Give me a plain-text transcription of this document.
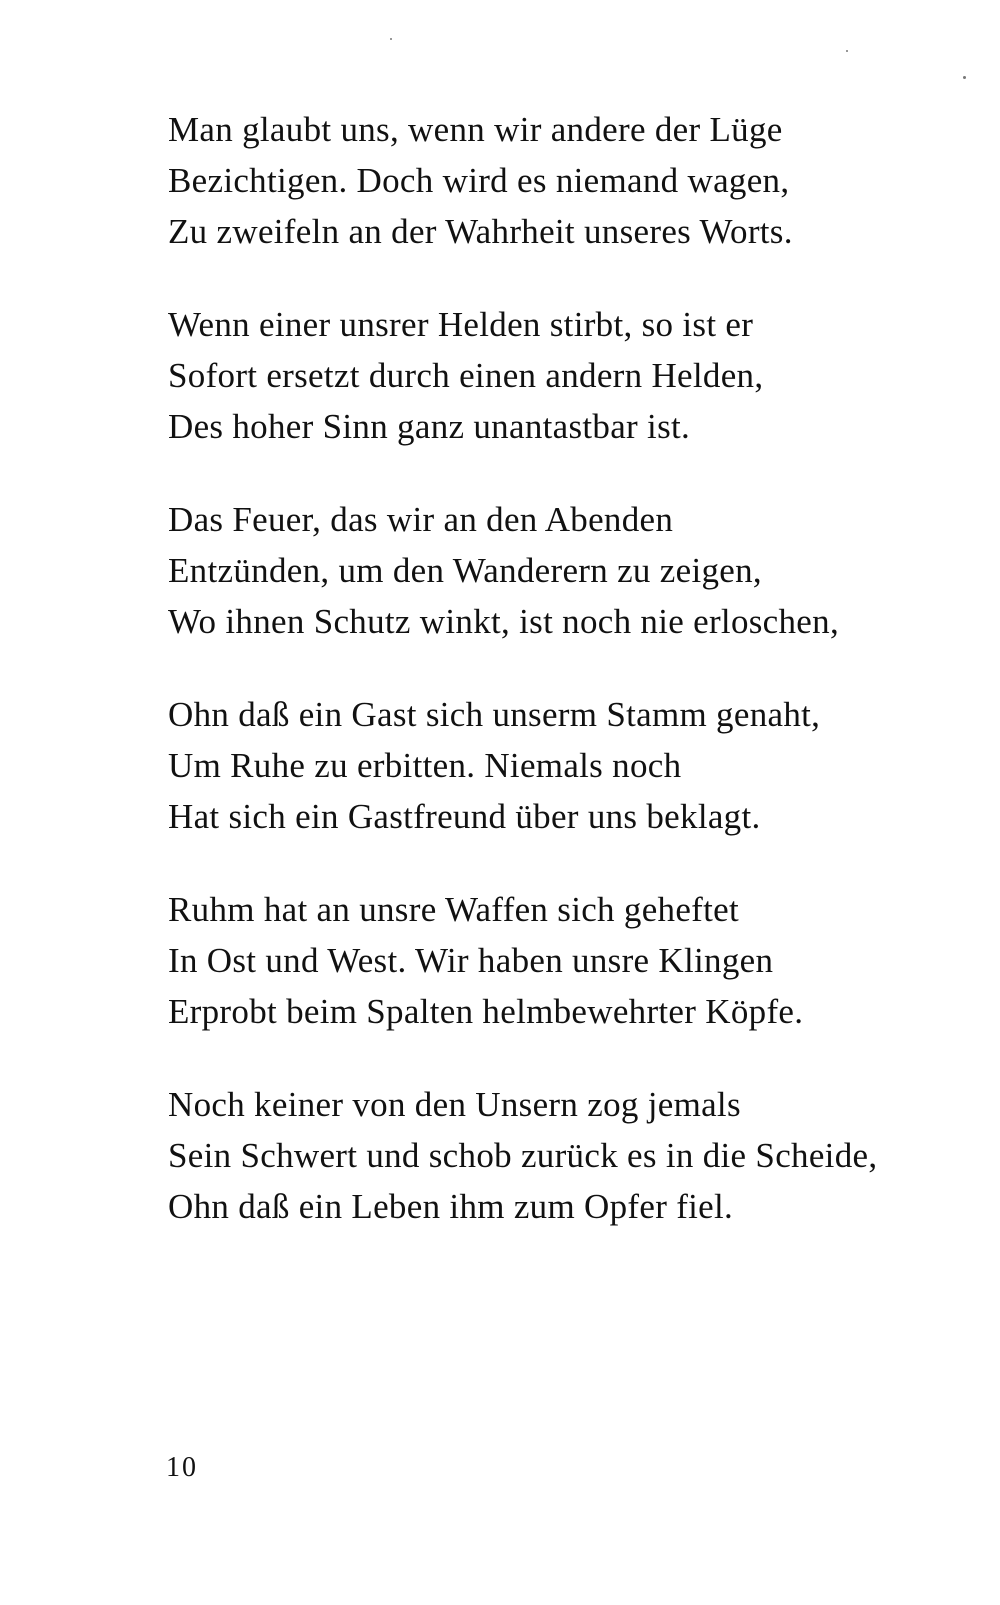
Man glaubt uns, wenn wir andere der Lüge
Bezichtigen. Doch wird es niemand wagen,
Zu zweifeln an der Wahrheit unseres Worts.
Wenn einer unsrer Helden stirbt, so ist er
Sofort ersetzt durch einen andern Helden,
Des hoher Sinn ganz unantastbar ist.
Das Feuer, das wir an den Abenden
Entzünden, um den Wanderern zu zeigen,
Wo ihnen Schutz winkt, ist noch nie erloschen,
Ohn daß ein Gast sich unserm Stamm genaht,
Um Ruhe zu erbitten. Niemals noch
Hat sich ein Gastfreund über uns beklagt.
Ruhm hat an unsre Waffen sich geheftet
In Ost und West. Wir haben unsre Klingen
Erprobt beim Spalten helmbewehrter Köpfe.
Noch keiner von den Unsern zog jemals
Sein Schwert und schob zurück es in die Scheide,
Ohn daß ein Leben ihm zum Opfer fiel.
10
